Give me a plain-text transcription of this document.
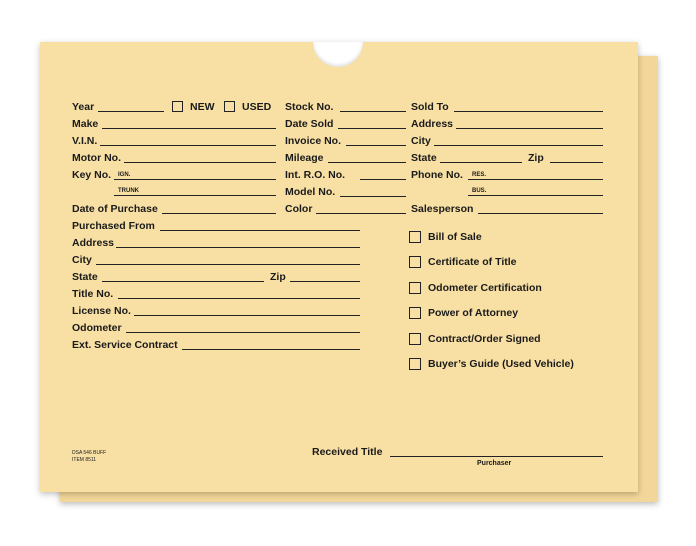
Year	NEW	USED
Make
V.I.N.
Motor No.
Key No. IGN.
TRUNK
Date of Purchase
Purchased From
Address
City
State	Zip
Title No.
License No.
Odometer
Ext. Service Contract
Stock No.
Date Sold
Invoice No.
Mileage
Int. R.O. No.
Model No.
Color
Sold To
Address
City
State	Zip
Phone No. RES.
BUS.
Salesperson
Bill of Sale
Certificate of Title
Odometer Certification
Power of Attorney
Contract/Order Signed
Buyer’s Guide (Used Vehicle)
DSA 546 BUFF
ITEM 8511
Received Title
Purchaser
